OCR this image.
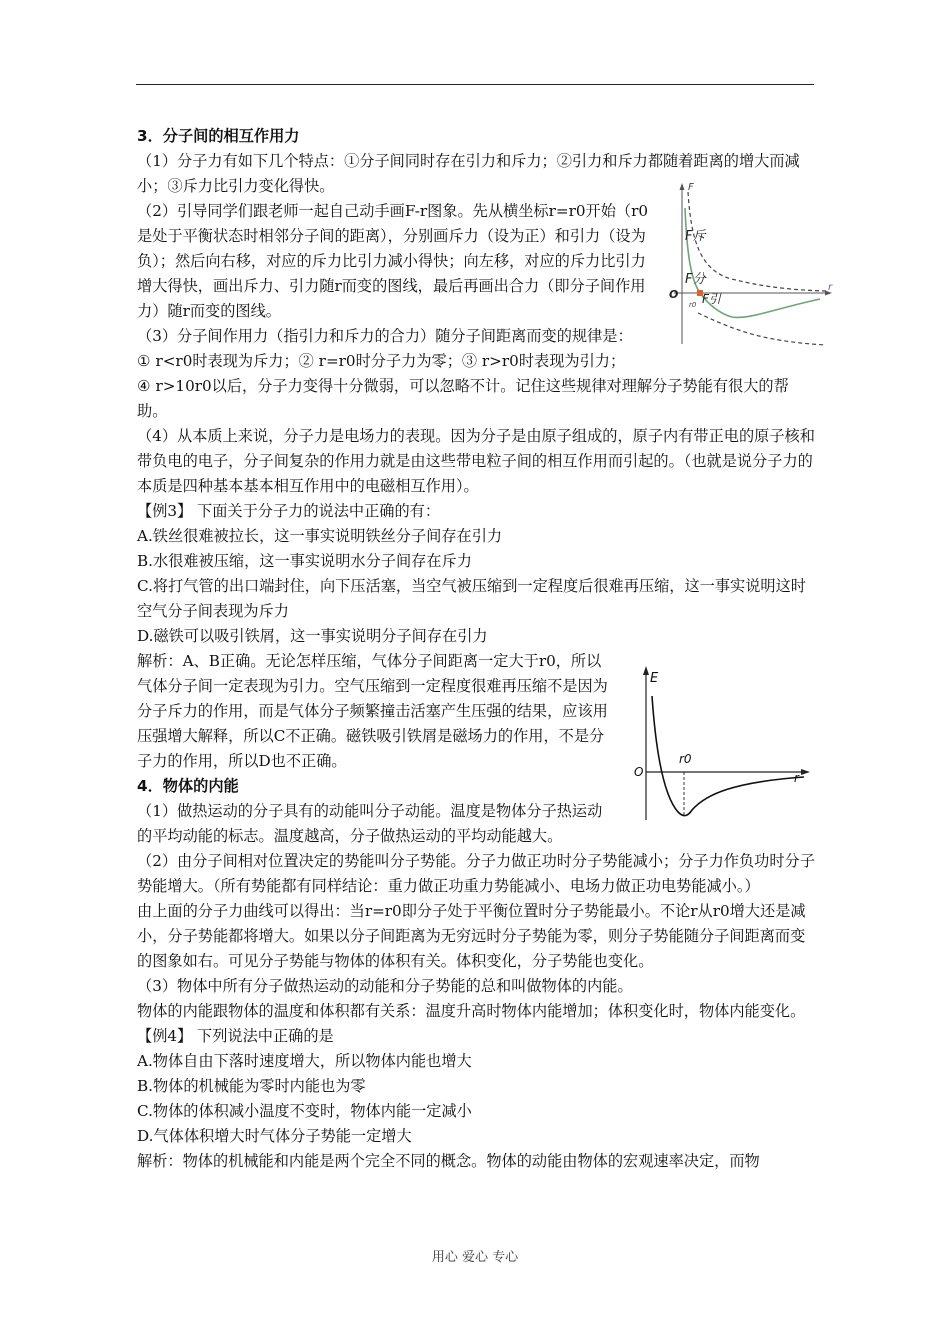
3．分子间的相互作用力

（1）分子力有如下几个特点：①分子间同时存在引力和斥力；②引力和斥力都随着距离的增大而减小；③斥力比引力变化得快。

（2）引导同学们跟老师一起自己动手画F-r图象。先从横坐标r=r0开始（r0是处于平衡状态时相邻分子间的距离），分别画斥力（设为正）和引力（设为负）；然后向右移，对应的斥力比引力减小得快；向左移，对应的斥力比引力增大得快，画出斥力、引力随r而变的图线，最后再画出合力（即分子间作用力）随r而变的图线。

（3）分子间作用力（指引力和斥力的合力）随分子间距离而变的规律是：

① r<r0时表现为斥力；② r=r0时分子力为零；③ r>r0时表现为引力；

④ r>10r0以后，分子力变得十分微弱，可以忽略不计。记住这些规律对理解分子势能有很大的帮助。

（4）从本质上来说，分子力是电场力的表现。因为分子是由原子组成的，原子内有带正电的原子核和带负电的电子，分子间复杂的作用力就是由这些带电粒子间的相互作用而引起的。（也就是说分子力的本质是四种基本基本相互作用中的电磁相互作用）。

【例3】 下面关于分子力的说法中正确的有：

A.铁丝很难被拉长，这一事实说明铁丝分子间存在引力

B.水很难被压缩，这一事实说明水分子间存在斥力

C.将打气管的出口端封住，向下压活塞，当空气被压缩到一定程度后很难再压缩，这一事实说明这时空气分子间表现为斥力

D.磁铁可以吸引铁屑，这一事实说明分子间存在引力

解析：A、B正确。无论怎样压缩，气体分子间距离一定大于r0，所以气体分子间一定表现为引力。空气压缩到一定程度很难再压缩不是因为分子斥力的作用，而是气体分子频繁撞击活塞产生压强的结果，应该用压强增大解释，所以C不正确。磁铁吸引铁屑是磁场力的作用，不是分子力的作用，所以D也不正确。

4．物体的内能

（1）做热运动的分子具有的动能叫分子动能。温度是物体分子热运动的平均动能的标志。温度越高，分子做热运动的平均动能越大。

（2）由分子间相对位置决定的势能叫分子势能。分子力做正功时分子势能减小；分子力作负功时分子势能增大。（所有势能都有同样结论：重力做正功重力势能减小、电场力做正功电势能减小。）

由上面的分子力曲线可以得出：当r=r0即分子处于平衡位置时分子势能最小。不论r从r0增大还是减小，分子势能都将增大。如果以分子间距离为无穷远时分子势能为零，则分子势能随分子间距离而变的图象如右。可见分子势能与物体的体积有关。体积变化，分子势能也变化。

（3）物体中所有分子做热运动的动能和分子势能的总和叫做物体的内能。

物体的内能跟物体的温度和体积都有关系：温度升高时物体内能增加；体积变化时，物体内能变化。

【例4】 下列说法中正确的是

A.物体自由下落时速度增大，所以物体内能也增大

B.物体的机械能为零时内能也为零

C.物体的体积减小温度不变时，物体内能一定减小

D.气体体积增大时气体分子势能一定增大

解析：物体的机械能和内能是两个完全不同的概念。物体的动能由物体的宏观速率决定，而物

F
r
O
F斥
F分
F引
r0
E
r
O
r0
用心 爱心 专心
